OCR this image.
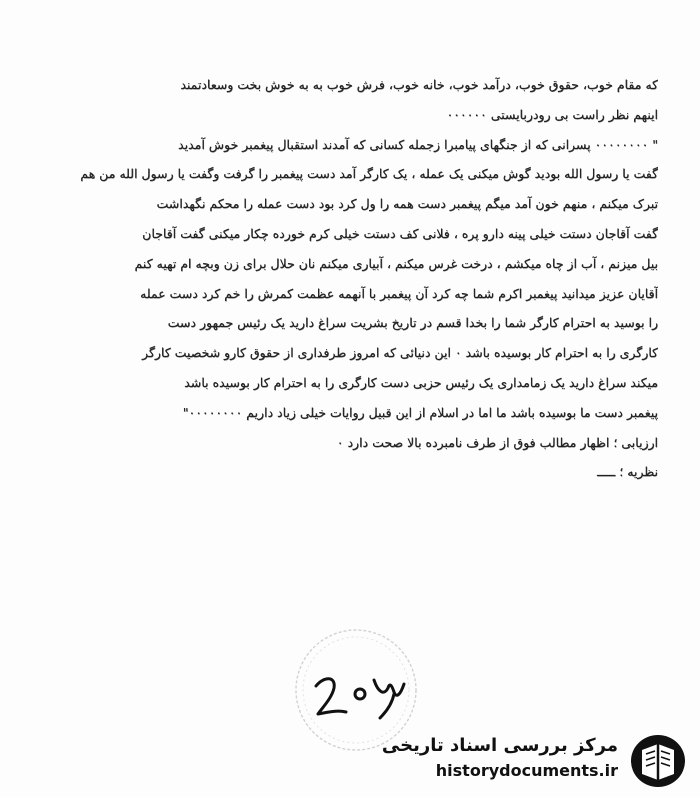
که مقام خوب، حقوق خوب، درآمد خوب، خانه خوب، فرش خوب به به خوش بخت وسعادتمند
اینهم نظر راست بی رودربایستی ۰۰۰۰۰۰
" ۰۰۰۰۰۰۰۰ پسرانی که از جنگهای پیامبرا زجمله کسانی که آمدند استقبال پیغمبر خوش آمدید
گفت یا رسول الله بودید گوش میکنی یک عمله ، یک کارگر آمد دست پیغمبر را گرفت وگفت یا رسول الله من هم
تبرک میکنم ، منهم خون آمد میگم پیغمبر دست همه را ول کرد بود دست عمله را محکم نگهداشت
گفت آقاجان دستت خیلی پینه دارو پره ، فلانی کف دستت خیلی کرم خورده چکار میکنی گفت آقاجان
بیل میزنم ، آب از چاه میکشم ، درخت غرس میکنم ، آبیاری میکنم نان حلال برای زن وبچه ام تهیه کنم
آقایان عزیز میدانید پیغمبر اکرم شما چه کرد آن پیغمبر با آنهمه عظمت کمرش را خم کرد دست عمله
را بوسید به احترام کارگر شما را بخدا قسم در تاریخ بشریت سراغ دارید یک رئیس جمهور دست
کارگری را به احترام کار بوسیده باشد ۰ این دنیائی که امروز طرفداری از حقوق کارو شخصیت کارگر
میکند سراغ دارید یک زمامداری یک رئیس حزبی دست کارگری را به احترام کار بوسیده باشد
پیغمبر دست ما بوسیده باشد ما اما در اسلام از این قبیل روایات خیلی زیاد داریم ۰۰۰۰۰۰۰۰"
ارزیابی ؛ اظهار مطالب فوق از طرف نامبرده بالا صحت دارد ۰
نظریه ؛ ـــــ
مرکز بررسی اسناد تاریخی
historydocuments.ir
